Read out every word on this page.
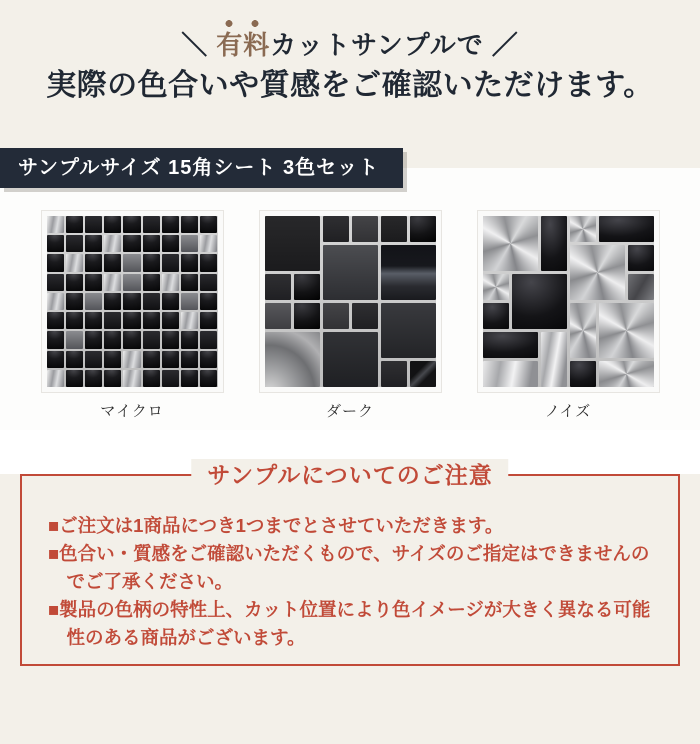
＼ 有料カットサンプルで ／
実際の色合いや質感をご確認いただけます。
サンプルサイズ 15角シート 3色セット
マイクロ	ダーク	ノイズ
サンプルについてのご注意
■ご注文は1商品につき1つまでとさせていただきます。
■色合い・質感をご確認いただくもので、サイズのご指定はできませんのでご了承ください。
■製品の色柄の特性上、カット位置により色イメージが大きく異なる可能性のある商品がございます。
